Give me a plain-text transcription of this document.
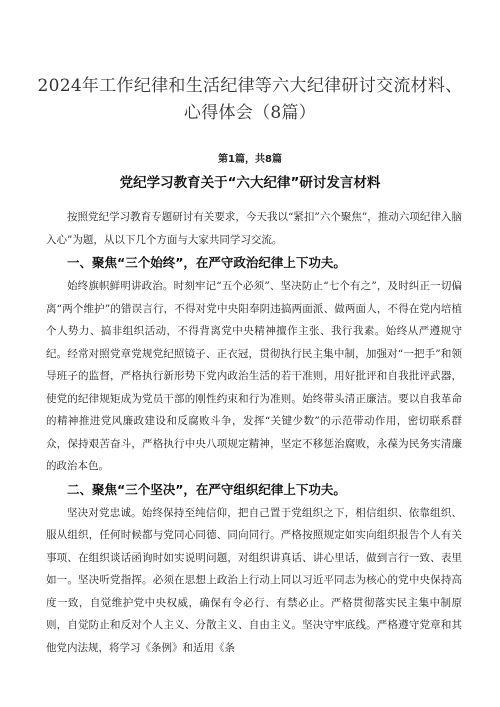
2024年工作纪律和生活纪律等六大纪律研讨交流材料、心得体会（8篇）
第1篇，共8篇
党纪学习教育关于“六大纪律”研讨发言材料

按照党纪学习教育专题研讨有关要求，今天我以“紧扣”六个聚焦”，推动六项纪律入脑入心”为题，从以下几个方面与大家共同学习交流。

一、聚焦“三个始终”，在严守政治纪律上下功夫。

始终旗帜鲜明讲政治。时刻牢记“五个必须”、坚决防止“七个有之”，及时纠正一切偏离“两个维护”的错误言行，不得对党中央阳奉阴违搞两面派、做两面人，不得在党内培植个人势力、搞非组织活动，不得背离党中央精神擅作主张、我行我素。始终从严遵规守纪。经常对照党章党规党纪照镜子、正衣冠，贯彻执行民主集中制，加强对“一把手”和领导班子的监督，严格执行新形势下党内政治生活的若干准则，用好批评和自我批评武器，使党的纪律规矩成为党员干部的刚性约束和行为准则。始终带头清正廉洁。要以自我革命的精神推进党风廉政建设和反腐败斗争，发挥“关键少数”的示范带动作用，密切联系群众，保持艰苦奋斗，严格执行中央八项规定精神，坚定不移惩治腐败，永葆为民务实清廉的政治本色。

二、聚焦“三个坚决”，在严守组织纪律上下功夫。

坚决对党忠诚。始终保持至纯信仰，把自己置于党组织之下，相信组织、依靠组织、服从组织，任何时候都与党同心同德、同向同行。严格按照规定如实向组织报告个人有关事项、在组织谈话函询时如实说明问题，对组织讲真话、讲心里话，做到言行一致、表里如一。坚决听党指挥。必须在思想上政治上行动上同以习近平同志为核心的党中央保持高度一致，自觉维护党中央权威，确保有令必行、有禁必止。严格贯彻落实民主集中制原则，自觉防止和反对个人主义、分散主义、自由主义。坚决守牢底线。严格遵守党章和其他党内法规，将学习《条例》和适用《条
